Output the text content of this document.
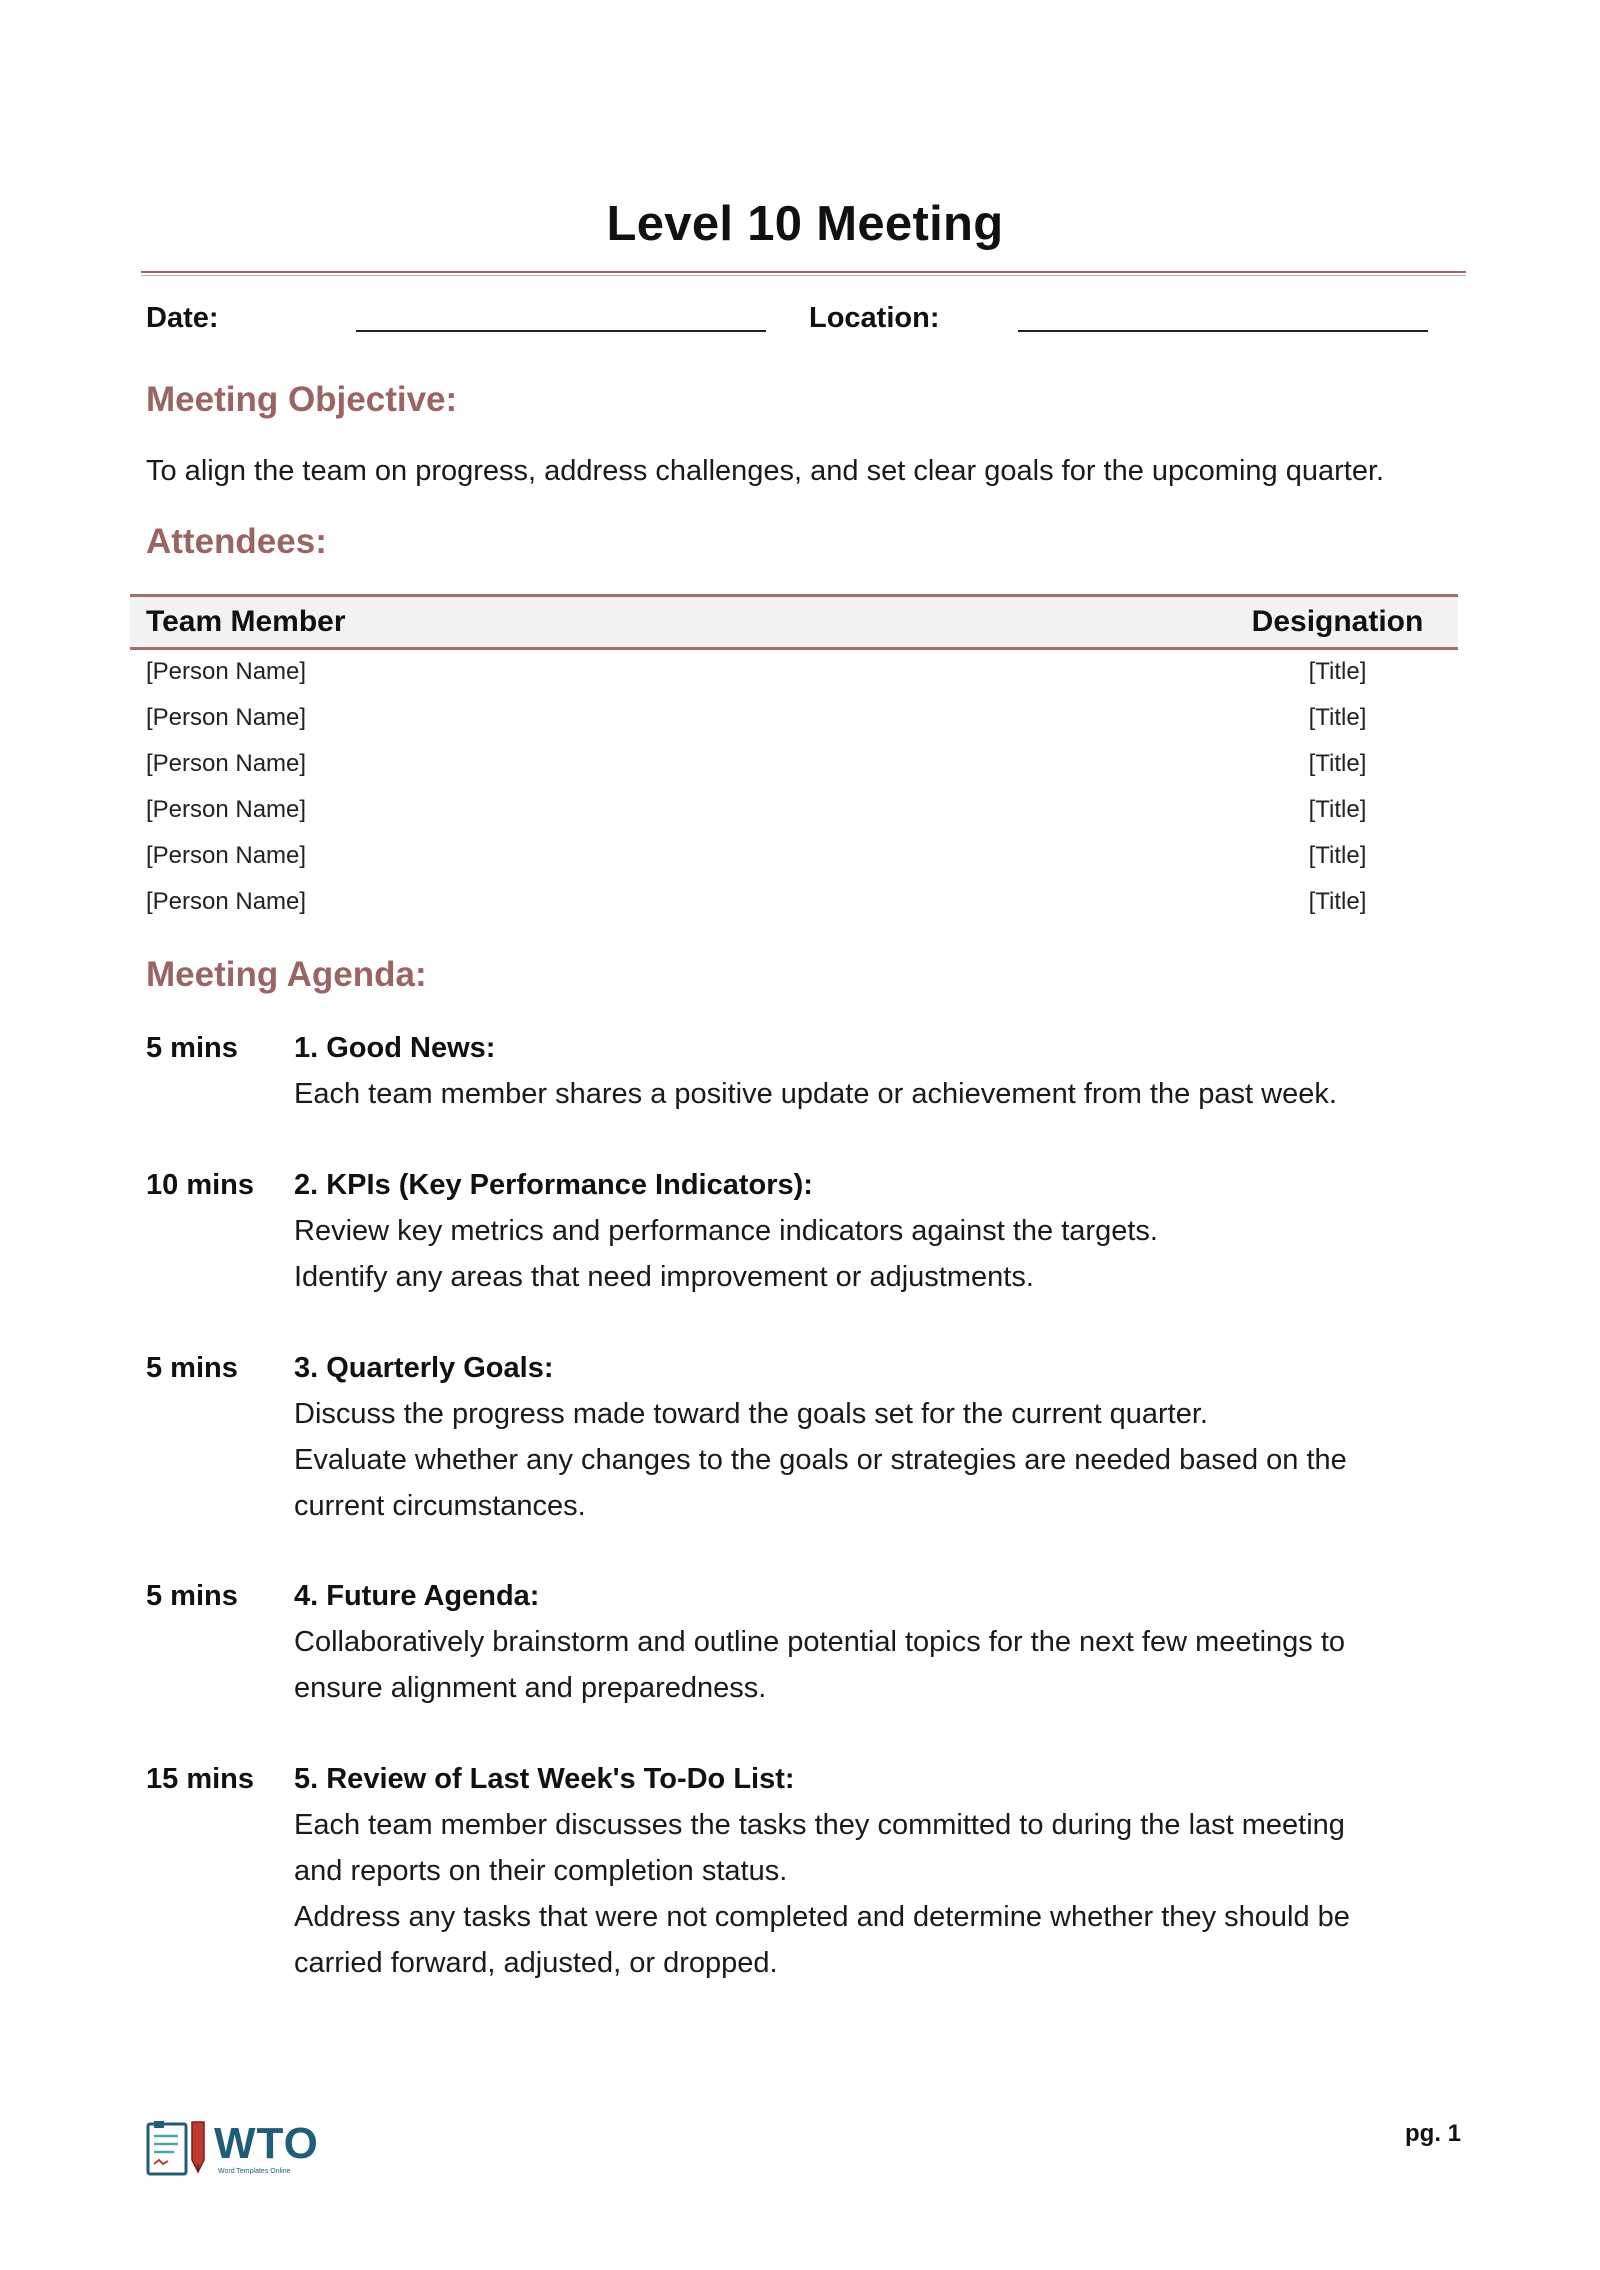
Level 10 Meeting
Date:	Location:
Meeting Objective:
To align the team on progress, address challenges, and set clear goals for the upcoming quarter.
Attendees:
Team Member	Designation
[Person Name]	[Title]
[Person Name]	[Title]
[Person Name]	[Title]
[Person Name]	[Title]
[Person Name]	[Title]
[Person Name]	[Title]
Meeting Agenda:
5 mins 1. Good News:
Each team member shares a positive update or achievement from the past week.
10 mins 2. KPIs (Key Performance Indicators):
Review key metrics and performance indicators against the targets.
Identify any areas that need improvement or adjustments.
5 mins 3. Quarterly Goals:
Discuss the progress made toward the goals set for the current quarter.
Evaluate whether any changes to the goals or strategies are needed based on the
current circumstances.
5 mins 4. Future Agenda:
Collaboratively brainstorm and outline potential topics for the next few meetings to
ensure alignment and preparedness.
15 mins 5. Review of Last Week's To-Do List:
Each team member discusses the tasks they committed to during the last meeting
and reports on their completion status.
Address any tasks that were not completed and determine whether they should be
carried forward, adjusted, or dropped.
WTO
Word Templates Online
pg. 1
